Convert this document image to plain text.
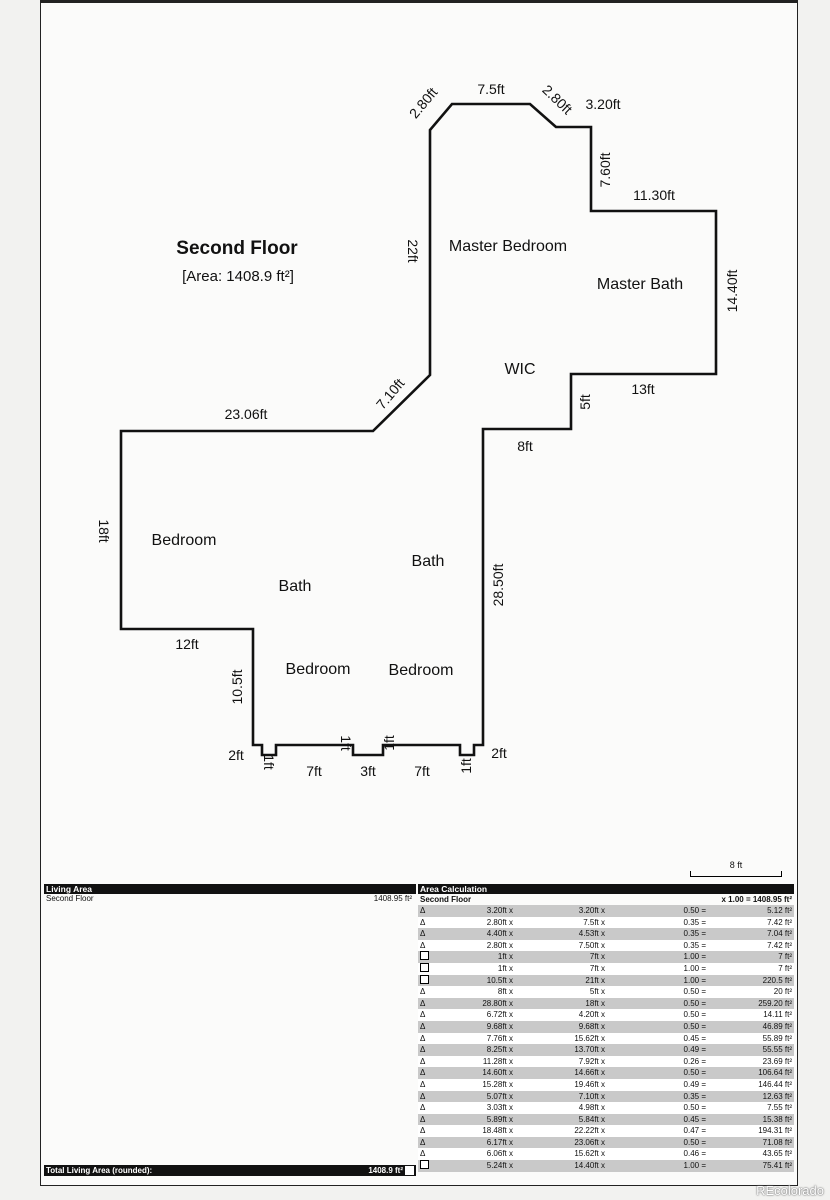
Second Floor
[Area: 1408.9 ft²]
Master Bedroom
Master Bath
WIC
Bedroom
Bath
Bath
Bedroom Bedroom
2.80ft	7.5ft 2.80ft 3.20ft
7.60ft
11.30ft
22ft
14.40ft
7.10ft	13ft
5ft
23.06ft
8ft
18ft
28.50ft
12ft
10.5ft
2ft 1ft
7ft
1ft
3ft
1ft
7ft 1ft
2ft
8 ft
Living Area
Second Floor	1408.95 ft²
Total Living Area (rounded):	1408.9 ft²
Area Calculation
Second Floor	x 1.00 = 1408.95 ft²
Δ	3.20ft x	3.20ft x	0.50 =	5.12 ft²
Δ	2.80ft x	7.5ft x	0.35 =	7.42 ft²
Δ	4.40ft x	4.53ft x	0.35 =	7.04 ft²
Δ	2.80ft x	7.50ft x	0.35 =	7.42 ft²
1ft x	7ft x	1.00 =	7 ft²
1ft x	7ft x	1.00 =	7 ft²
10.5ft x	21ft x	1.00 =	220.5 ft²
Δ	8ft x	5ft x	0.50 =	20 ft²
Δ	28.80ft x	18ft x	0.50 =	259.20 ft²
Δ	6.72ft x	4.20ft x	0.50 =	14.11 ft²
Δ	9.68ft x	9.68ft x	0.50 =	46.89 ft²
Δ	7.76ft x	15.62ft x	0.45 =	55.89 ft²
Δ	8.25ft x	13.70ft x	0.49 =	55.55 ft²
Δ	11.28ft x	7.92ft x	0.26 =	23.69 ft²
Δ	14.60ft x	14.66ft x	0.50 =	106.64 ft²
Δ	15.28ft x	19.46ft x	0.49 =	146.44 ft²
Δ	5.07ft x	7.10ft x	0.35 =	12.63 ft²
Δ	3.03ft x	4.98ft x	0.50 =	7.55 ft²
Δ	5.89ft x	5.84ft x	0.45 =	15.38 ft²
Δ	18.48ft x	22.22ft x	0.47 =	194.31 ft²
Δ	6.17ft x	23.06ft x	0.50 =	71.08 ft²
Δ	6.06ft x	15.62ft x	0.46 =	43.65 ft²
5.24ft x	14.40ft x	1.00 =	75.41 ft²
REcolorado
